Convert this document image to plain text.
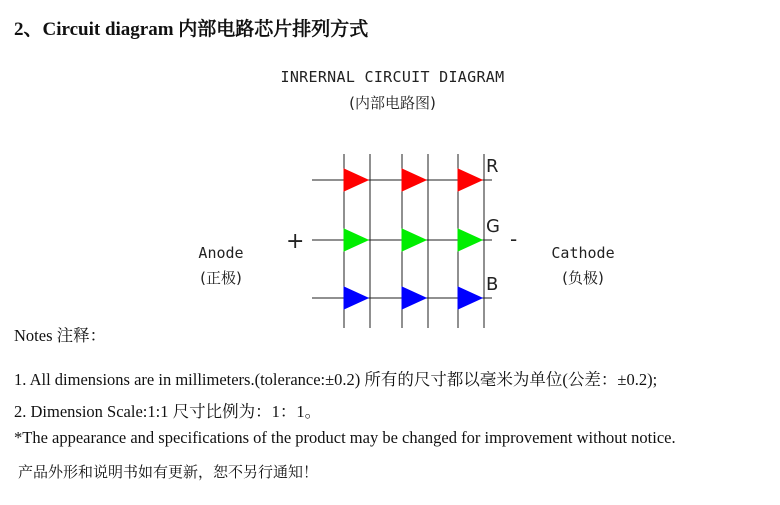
2、Circuit diagram 内部电路芯片排列方式
INRERNAL CIRCUIT DIAGRAM
(内部电路图)
Anode
(正极)
Cathode
(负极)
R
G
B
+	-
Notes 注释：
1. All dimensions are in millimeters.(tolerance:±0.2) 所有的尺寸都以毫米为单位(公差：±0.2);
2. Dimension Scale:1:1 尺寸比例为：1：1。
*The appearance and specifications of the product may be changed for improvement without notice.
产品外形和说明书如有更新，恕不另行通知！
